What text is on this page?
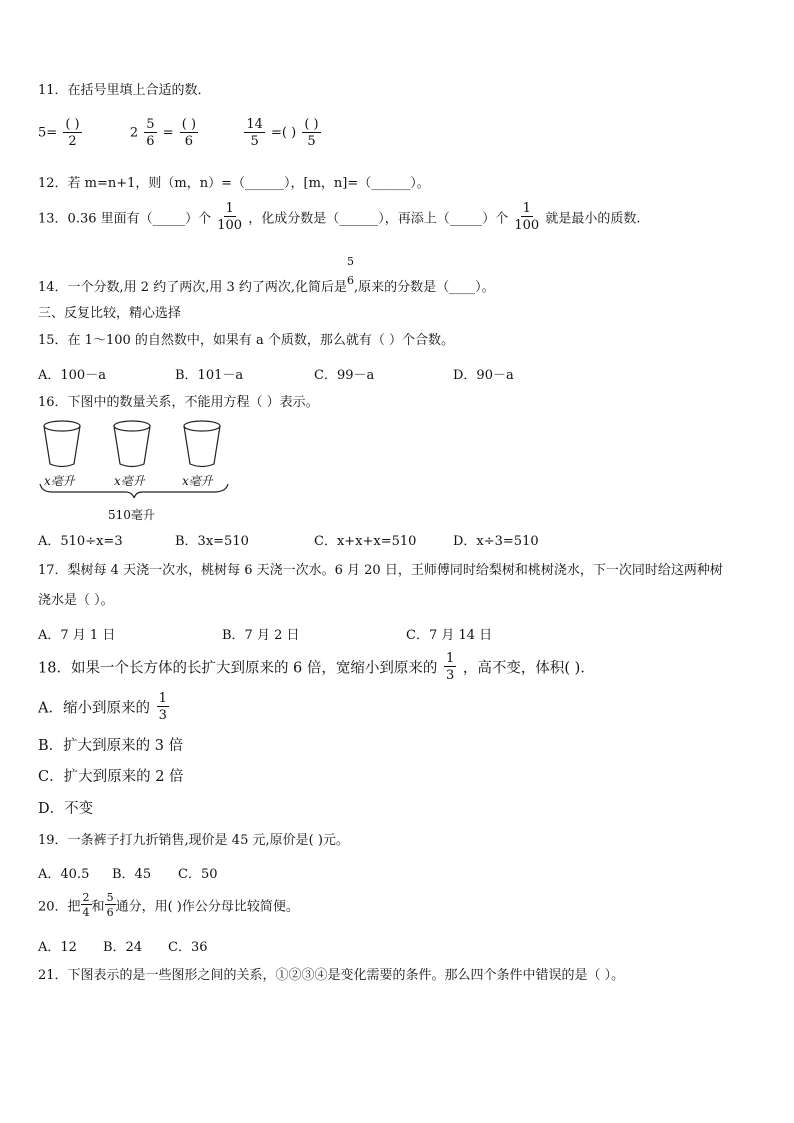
11．在括号里填上合适的数．
$5= \frac{( )}{2}$	$2 \frac{5}{6} = \frac{( )}{6}$
	$\frac{14}{5}$ =( ) $\frac{( )}{5}$
12．若 m=n+1，则（m，n）=（______），[m，n]=（______）。
13．0.36 里面有（_____）个 $\frac{1}{100}$ ，化成分数是（______），再添上（_____）个 $\frac{1}{100}$ 就是最小的质数.
14．一个分数,用 2 约了两次,用 3 约了两次,化简后是
5
6 ,原来的分数是（____）。
三、反复比较，精心选择
15．在 1～100 的自然数中，如果有 a 个质数，那么就有（ ）个合数。
A．100－a	B．101－a	C．99－a	D．90－a
16．下图中的数量关系，不能用方程（ ）表示。
x毫升	x毫升	x毫升
510毫升
A．510÷x=3	B．3x=510	C．x+x+x=510	D．x÷3=510
17．梨树每 4 天浇一次水，桃树每 6 天浇一次水。6 月 20 日，王师傅同时给梨树和桃树浇水，下一次同时给这两种树
浇水是（ ）。
A．7 月 1 日	B．7 月 2 日	C．7 月 14 日
18．如果一个长方体的长扩大到原来的 6 倍，宽缩小到原来的 $\frac{1}{3}$ ，高不变，体积( )．
A．缩小到原来的 $\frac{1}{3}$
B．扩大到原来的 3 倍
C．扩大到原来的 2 倍
D．不变
19．一条裤子打九折销售,现价是 45 元,原价是( )元。
A．40.5 B．45 C．50
20．把 $\frac{2}{4}$ 和 $\frac{5}{6}$ 通分，用( )作公分母比较简便。
A．12 B．24 C．36
21．下图表示的是一些图形之间的关系，①②③④是变化需要的条件。那么四个条件中错误的是（ ）。
